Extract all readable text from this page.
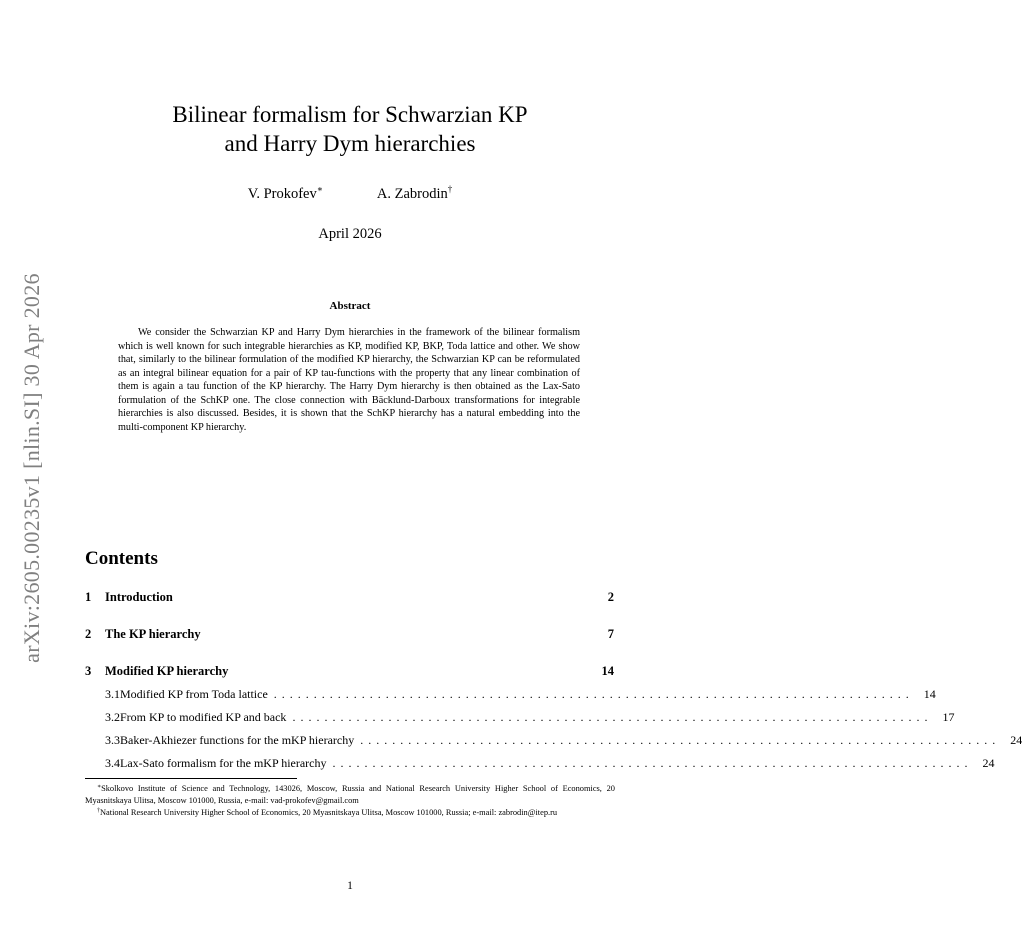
arXiv:2605.00235v1 [nlin.SI] 30 Apr 2026
Bilinear formalism for Schwarzian KP
and Harry Dym hierarchies
V. Prokofev∗	A. Zabrodin†
April 2026
Abstract

We consider the Schwarzian KP and Harry Dym hierarchies in the framework of the bilinear formalism which is well known for such integrable hierarchies as KP, modified KP, BKP, Toda lattice and other. We show that, similarly to the bilinear formulation of the modified KP hierarchy, the Schwarzian KP can be reformulated as an integral bilinear equation for a pair of KP tau-functions with the property that any linear combination of them is again a tau function of the KP hierarchy. The Harry Dym hierarchy is then obtained as the Lax-Sato formulation of the SchKP one. The close connection with Bäcklund-Darboux transformations for integrable hierarchies is also discussed. Besides, it is shown that the SchKP hierarchy has a natural embedding into the multi-component KP hierarchy.

Contents
1	Introduction	2
2	The KP hierarchy	7
3	Modified KP hierarchy	14
3.1 Modified KP from Toda lattice ................................................................................ 14
3.2 From KP to modified KP and back ................................................................................ 17
3.3 Baker-Akhiezer functions for the mKP hierarchy ................................................................................ 24
3.4 Lax-Sato formalism for the mKP hierarchy ................................................................................ 24

∗Skolkovo Institute of Science and Technology, 143026, Moscow, Russia and National Research University Higher School of Economics, 20 Myasnitskaya Ulitsa, Moscow 101000, Russia, e-mail: vad-prokofev@gmail.com

†National Research University Higher School of Economics, 20 Myasnitskaya Ulitsa, Moscow 101000, Russia; e-mail: zabrodin@itep.ru

1
